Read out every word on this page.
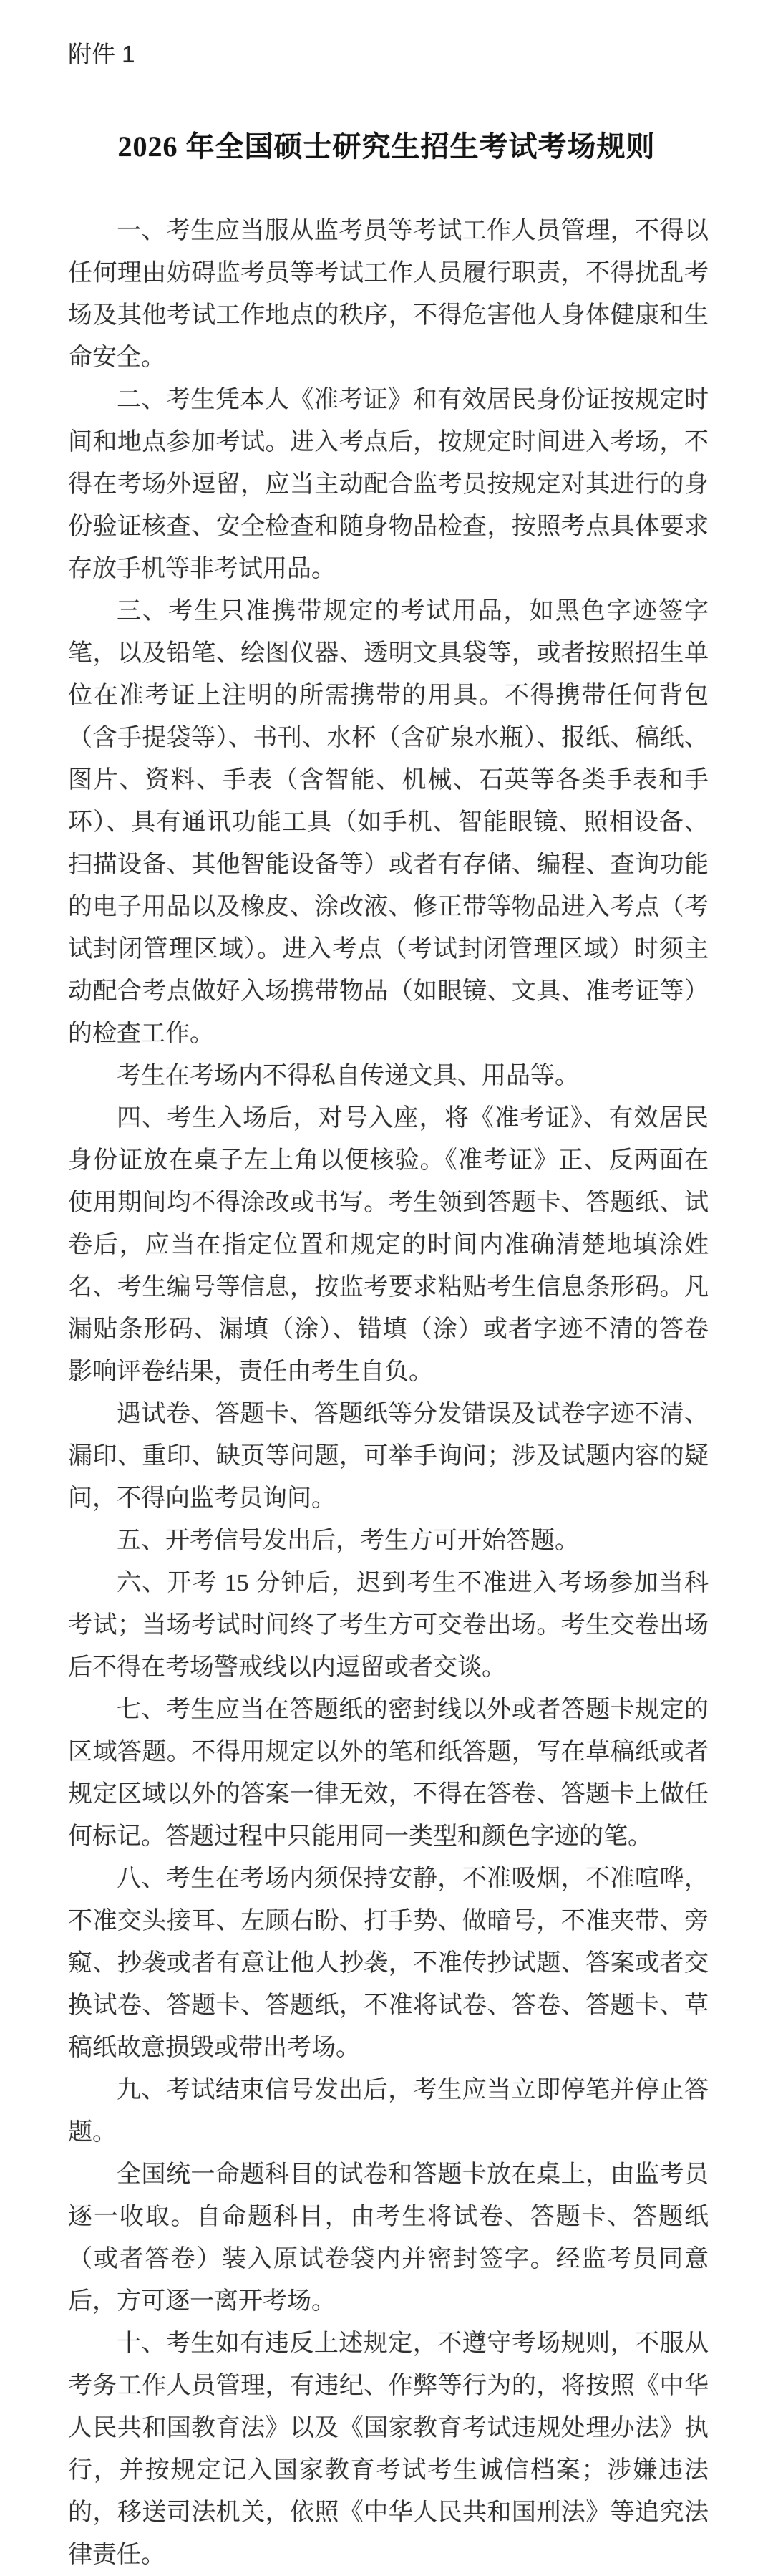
附件 1
2026 年全国硕士研究生招生考试考场规则

一、考生应当服从监考员等考试工作人员管理，不得以任何理由妨碍监考员等考试工作人员履行职责，不得扰乱考场及其他考试工作地点的秩序，不得危害他人身体健康和生命安全。

二、考生凭本人《准考证》和有效居民身份证按规定时间和地点参加考试。进入考点后，按规定时间进入考场，不得在考场外逗留，应当主动配合监考员按规定对其进行的身份验证核查、安全检查和随身物品检查，按照考点具体要求存放手机等非考试用品。

三、考生只准携带规定的考试用品，如黑色字迹签字笔，以及铅笔、绘图仪器、透明文具袋等，或者按照招生单位在准考证上注明的所需携带的用具。不得携带任何背包（含手提袋等）、书刊、水杯（含矿泉水瓶）、报纸、稿纸、图片、资料、手表（含智能、机械、石英等各类手表和手环）、具有通讯功能工具（如手机、智能眼镜、照相设备、扫描设备、其他智能设备等）或者有存储、编程、查询功能的电子用品以及橡皮、涂改液、修正带等物品进入考点（考试封闭管理区域）。进入考点（考试封闭管理区域）时须主动配合考点做好入场携带物品（如眼镜、文具、准考证等）的检查工作。

考生在考场内不得私自传递文具、用品等。

四、考生入场后，对号入座，将《准考证》、有效居民身份证放在桌子左上角以便核验。《准考证》正、反两面在使用期间均不得涂改或书写。考生领到答题卡、答题纸、试卷后，应当在指定位置和规定的时间内准确清楚地填涂姓名、考生编号等信息，按监考要求粘贴考生信息条形码。凡漏贴条形码、漏填（涂）、错填（涂）或者字迹不清的答卷影响评卷结果，责任由考生自负。

遇试卷、答题卡、答题纸等分发错误及试卷字迹不清、漏印、重印、缺页等问题，可举手询问；涉及试题内容的疑问，不得向监考员询问。

五、开考信号发出后，考生方可开始答题。

六、开考 15 分钟后，迟到考生不准进入考场参加当科考试；当场考试时间终了考生方可交卷出场。考生交卷出场后不得在考场警戒线以内逗留或者交谈。

七、考生应当在答题纸的密封线以外或者答题卡规定的区域答题。不得用规定以外的笔和纸答题，写在草稿纸或者规定区域以外的答案一律无效，不得在答卷、答题卡上做任何标记。答题过程中只能用同一类型和颜色字迹的笔。

八、考生在考场内须保持安静，不准吸烟，不准喧哗，不准交头接耳、左顾右盼、打手势、做暗号，不准夹带、旁窥、抄袭或者有意让他人抄袭，不准传抄试题、答案或者交换试卷、答题卡、答题纸，不准将试卷、答卷、答题卡、草稿纸故意损毁或带出考场。

九、考试结束信号发出后，考生应当立即停笔并停止答题。

全国统一命题科目的试卷和答题卡放在桌上，由监考员逐一收取。自命题科目，由考生将试卷、答题卡、答题纸（或者答卷）装入原试卷袋内并密封签字。经监考员同意后，方可逐一离开考场。

十、考生如有违反上述规定，不遵守考场规则，不服从考务工作人员管理，有违纪、作弊等行为的，将按照《中华人民共和国教育法》以及《国家教育考试违规处理办法》执行，并按规定记入国家教育考试考生诚信档案；涉嫌违法的，移送司法机关，依照《中华人民共和国刑法》等追究法律责任。
